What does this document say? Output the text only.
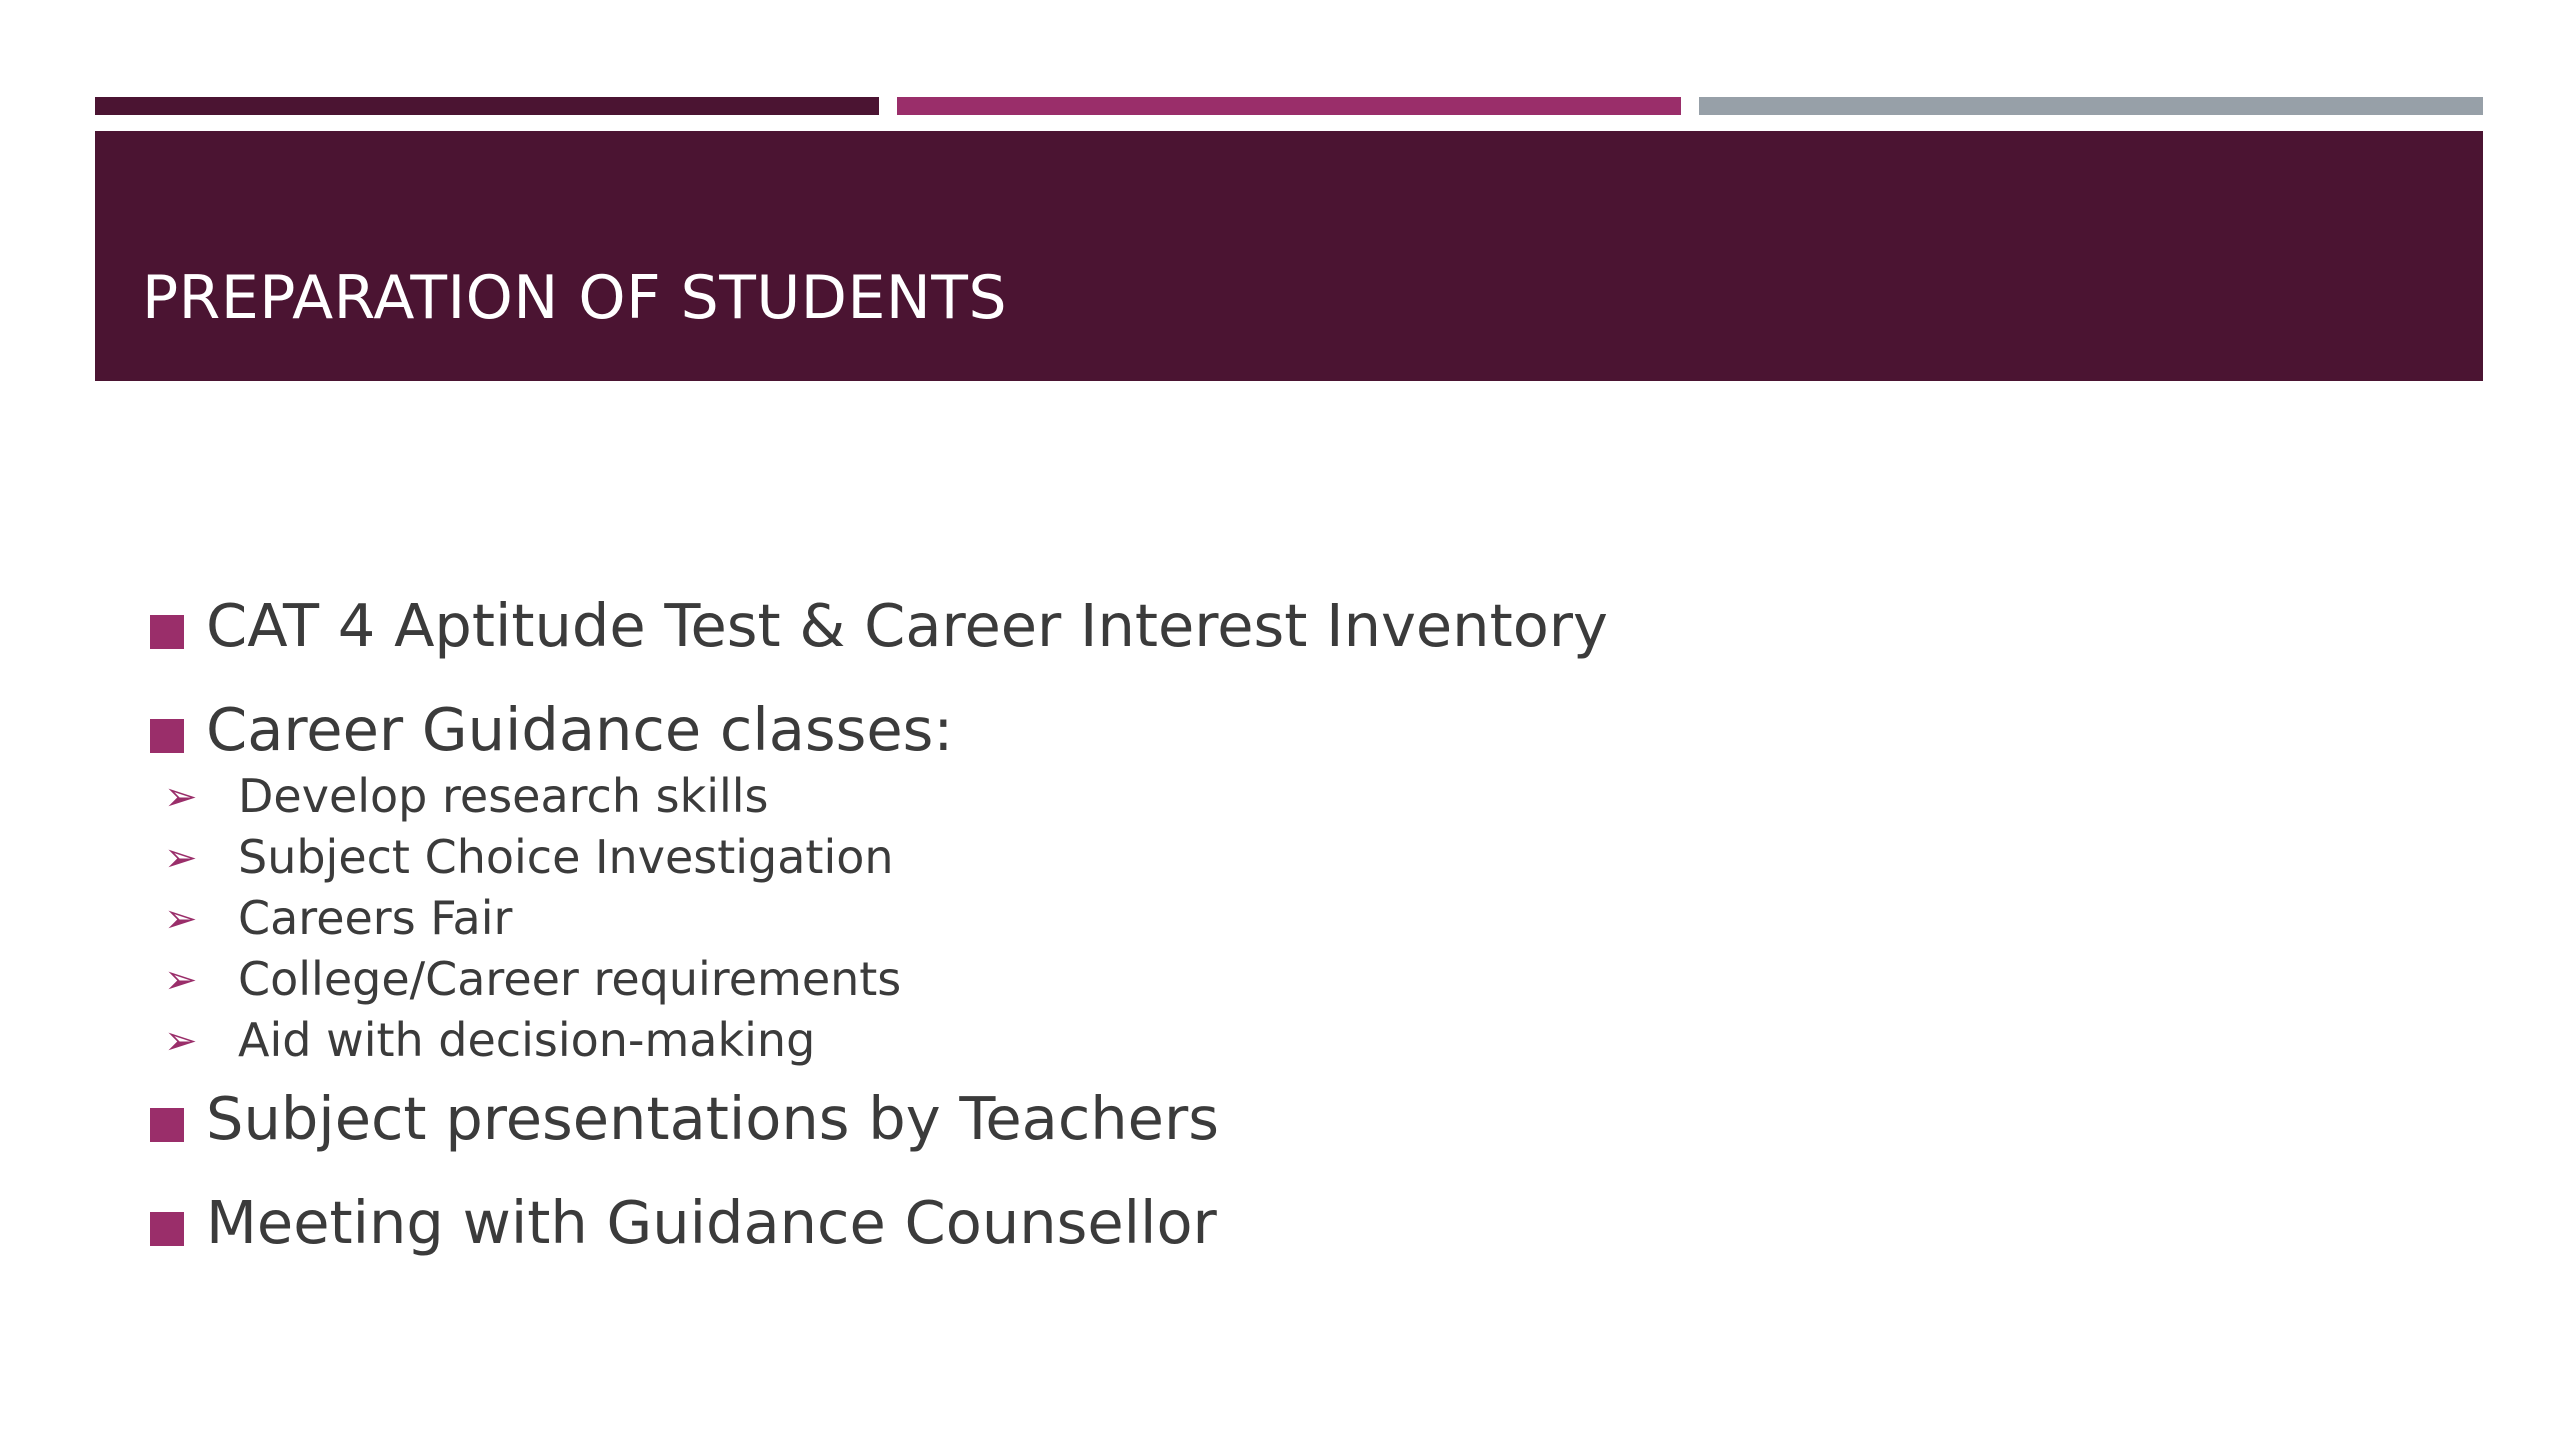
PREPARATION OF STUDENTS
CAT 4 Aptitude Test & Career Interest Inventory
Career Guidance classes:
➢ Develop research skills
➢ Subject Choice Investigation
➢ Careers Fair
➢ College/Career requirements
➢ Aid with decision-making
Subject presentations by Teachers
Meeting with Guidance Counsellor
